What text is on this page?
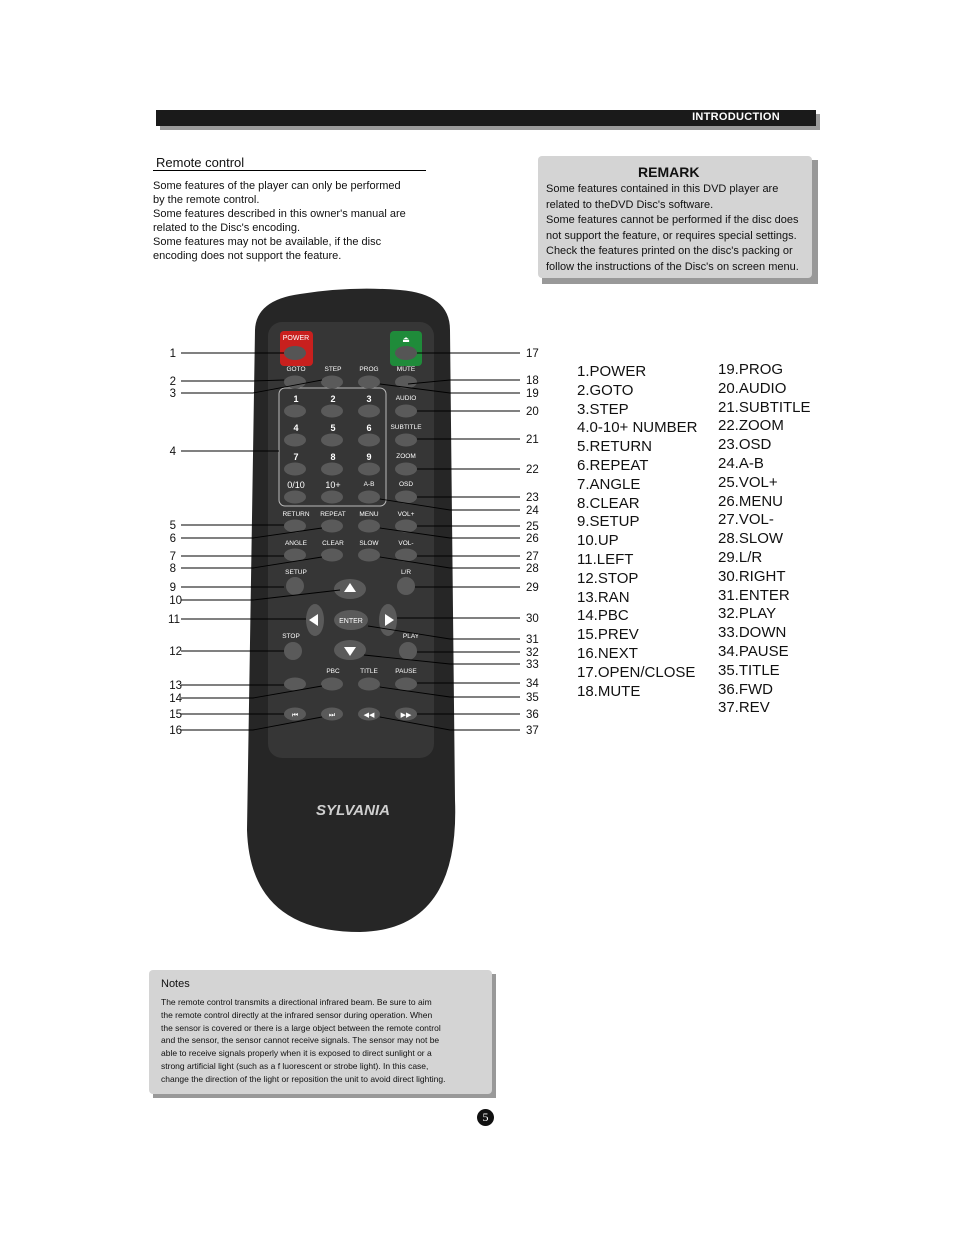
INTRODUCTION
Remote control
Some features of the player can only be performed
by the remote control.
Some features described in this owner's manual are
related to the Disc's encoding.
Some features may not be available, if the disc
encoding does not support the feature.
REMARK
Some features contained in this DVD player are
related to theDVD Disc's software.
Some features cannot be performed if the disc does
not support the feature, or requires special settings.
Check the features printed on the disc's packing or
follow the instructions of the Disc's on screen menu.
POWER	⏏
GOTO	STEP	PROG	MUTE
AUDIO
SUBTITLE
ZOOM
A-B	OSD
RETURN REPEAT MENU	VOL+
ANGLE CLEAR SLOW	VOL-
SETUP	L/R
STOP	PLAY
PBC	TITLE	PAUSE
1	2	3
4	5	6
7	8	9
0/10 10+
⏮	⏭	◀◀	▶▶
ENTER
SYLVANIA
1
2
3
4
5
6
7
8
9
10
11
12
13
14
15
16
17
18
19
20
21
22
23
24
25
26
27
28
29
30
31
32
33
34
35
36
37
1.POWER
2.GOTO
3.STEP
4.0-10+ NUMBER
5.RETURN
6.REPEAT
7.ANGLE
8.CLEAR
9.SETUP
10.UP
11.LEFT
12.STOP
13.RAN
14.PBC
15.PREV
16.NEXT
17.OPEN/CLOSE
18.MUTE
19.PROG
20.AUDIO
21.SUBTITLE
22.ZOOM
23.OSD
24.A-B
25.VOL+
26.MENU
27.VOL-
28.SLOW
29.L/R
30.RIGHT
31.ENTER
32.PLAY
33.DOWN
34.PAUSE
35.TITLE
36.FWD
37.REV
Notes
The remote control transmits a directional infrared beam. Be sure to aim
the remote control directly at the infrared sensor during operation. When
the sensor is covered or there is a large object between the remote control
and the sensor, the sensor cannot receive signals. The sensor may not be
able to receive signals properly when it is exposed to direct sunlight or a
strong artificial light (such as a f luorescent or strobe light). In this case,
change the direction of the light or reposition the unit to avoid direct lighting.
5
